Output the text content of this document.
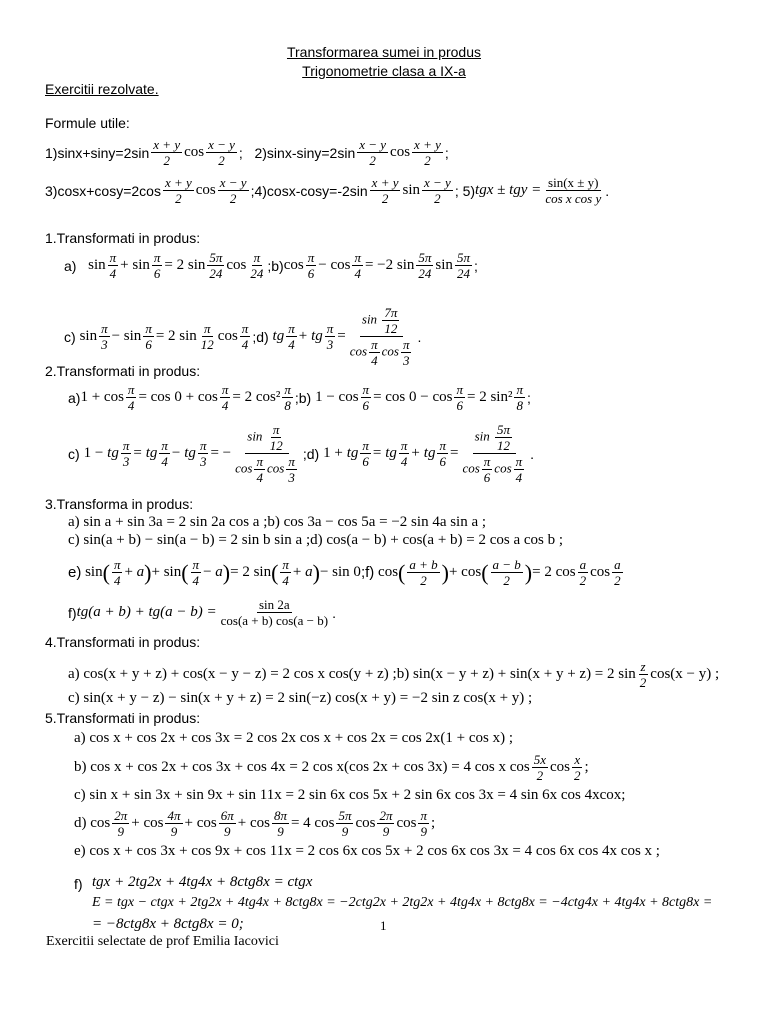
Transformarea sumei in produs
Trigonometrie clasa a IX-a
Exercitii rezolvate.
Formule utile:
$1)\sin x+\sin y=2\sin \frac{x + y}{2}$ $\cos \frac{x - y}{2}$ ; $2)\sin x-\sin y=2\sin \frac{x - y}{2}$ $\cos \frac{x + y}{2}$ ;
$3)\cos x+\cos y=2\cos \frac{x + y}{2}$ $\cos \frac{x - y}{2}$ ;4)cosx-cosy=-2sin $\frac{x + y}{2}$ $\sin \frac{x - y}{2}$ ; 5) tgx ± tgy = $\frac{\sin(x \pm y)}{\text{cos x cos y}}$ .
1.Transformati in produs:
a)
$\sin \frac{\pi}{4} + \sin \frac{\pi}{6} = 2$ $\sin \frac{5\pi}{24}$ $\cos \frac{\pi}{24}$ ;b) $\cos \frac{\pi}{6} - \cos \frac{\pi}{4} = -2$ $\sin \frac{5\pi}{24}$ $\sin \frac{5\pi}{24}$ ;
c)
$\sin \frac{\pi}{3} - \sin \frac{\pi}{6} = 2$ $\sin \frac{\pi}{12}$ $\cos \frac{\pi}{4}$ ;d)
tg $\frac{\pi}{4}$ +
tg $\frac{\pi}{3} = \frac{\sin \frac{7\pi}{12}}{\cos \frac{\pi}{4} \cos \frac{\pi}{3}}$ .
2.Transformati in produs:
a) $1 + \cos \frac{\pi}{4} = \cos 0 + \cos \frac{\pi}{4} = 2$ $\cos^2 \frac{\pi}{8}$ ;b)
$1 - \cos \frac{\pi}{6} = \cos 0 - \cos \frac{\pi}{6} = 2$ $\sin^2 \frac{\pi}{8}$ ;
c)
1 −
tg $\frac{\pi}{3}$ =
tg $\frac{\pi}{4}$ −
tg $\frac{\pi}{3}$ = − $\frac{\sin \frac{\pi}{12}}{\cos \frac{\pi}{4} \cos \frac{\pi}{3}}$ ;d)
1 +
tg $\frac{\pi}{6}$ =
tg $\frac{\pi}{4}$ +
tg $\frac{\pi}{6} = \frac{\sin \frac{5\pi}{12}}{\cos \frac{\pi}{6} \cos \frac{\pi}{4}}$ .
3.Transforma in produs:
a) sin a + sin 3a = 2 sin 2a cos a ;b) cos 3a − cos 5a = −2 sin 4a sin a ;
c) sin(a + b) − sin(a − b) = 2 sin b sin a ;d) cos(a − b) + cos(a + b) = 2 cos a cos b ;
e) sin ( $\frac{\pi}{4} + a$ ) + sin ( $\frac{\pi}{4} - a$ ) = 2 sin ( $\frac{\pi}{4} + a$ ) − sin 0 ;f) cos ( $\frac{a + b}{2}$ ) + cos ( $\frac{a - b}{2}$ ) = 2 $\cos \frac{a}{2}$ $\cos \frac{a}{2}$
f) $tg(a + b) + tg(a - b) = \frac{\sin 2a}{\cos(a + b) \cos(a - b)}$ .
4.Transformati in produs:
a) cos(x + y + z) + cos(x − y − z) = 2 cos x cos(y + z) ;b) sin(x − y + z) + sin(x + y + z) = 2 $\sin \frac{z}{2} \cos(x - y)$ ;
c) sin(x + y − z) − sin(x + y + z) = 2 sin(−z) cos(x + y) = −2 sin z cos(x + y) ;
5.Transformati in produs:
a) cos x + cos 2x + cos 3x = 2 cos 2x cos x + cos 2x = cos 2x(1 + cos x) ;
b) cos x + cos 2x + cos 3x + cos 4x = 2 cos x(cos 2x + cos 3x) = 4 cos x $\cos \frac{5x}{2}$ $\cos \frac{x}{2}$ ;
c) sin x + sin 3x + sin 9x + sin 11x = 2 sin 6x cos 5x + 2 sin 6x cos 3x = 4 sin 6x cos 4xcox;
d) $\cos \frac{2\pi}{9} + \cos \frac{4\pi}{9} + \cos \frac{6\pi}{9} + \cos \frac{8\pi}{9} = 4$ $\cos \frac{5\pi}{9}$ $\cos \frac{2\pi}{9}$ $\cos \frac{\pi}{9}$ ;
e) cos x + cos 3x + cos 9x + cos 11x = 2 cos 6x cos 5x + 2 cos 6x cos 3x = 4 cos 6x cos 4x cos x ;
f) tgx + 2tg2x + 4tg4x + 8ctg8x = ctgx
E = tgx − ctgx + 2tg2x + 4tg4x + 8ctg8x = −2ctg2x + 2tg2x + 4tg4x + 8ctg8x = −4ctg4x + 4tg4x + 8ctg8x =
= −8ctg8x + 8ctg8x = 0;	1
Exercitii selectate de prof Emilia Iacovici
